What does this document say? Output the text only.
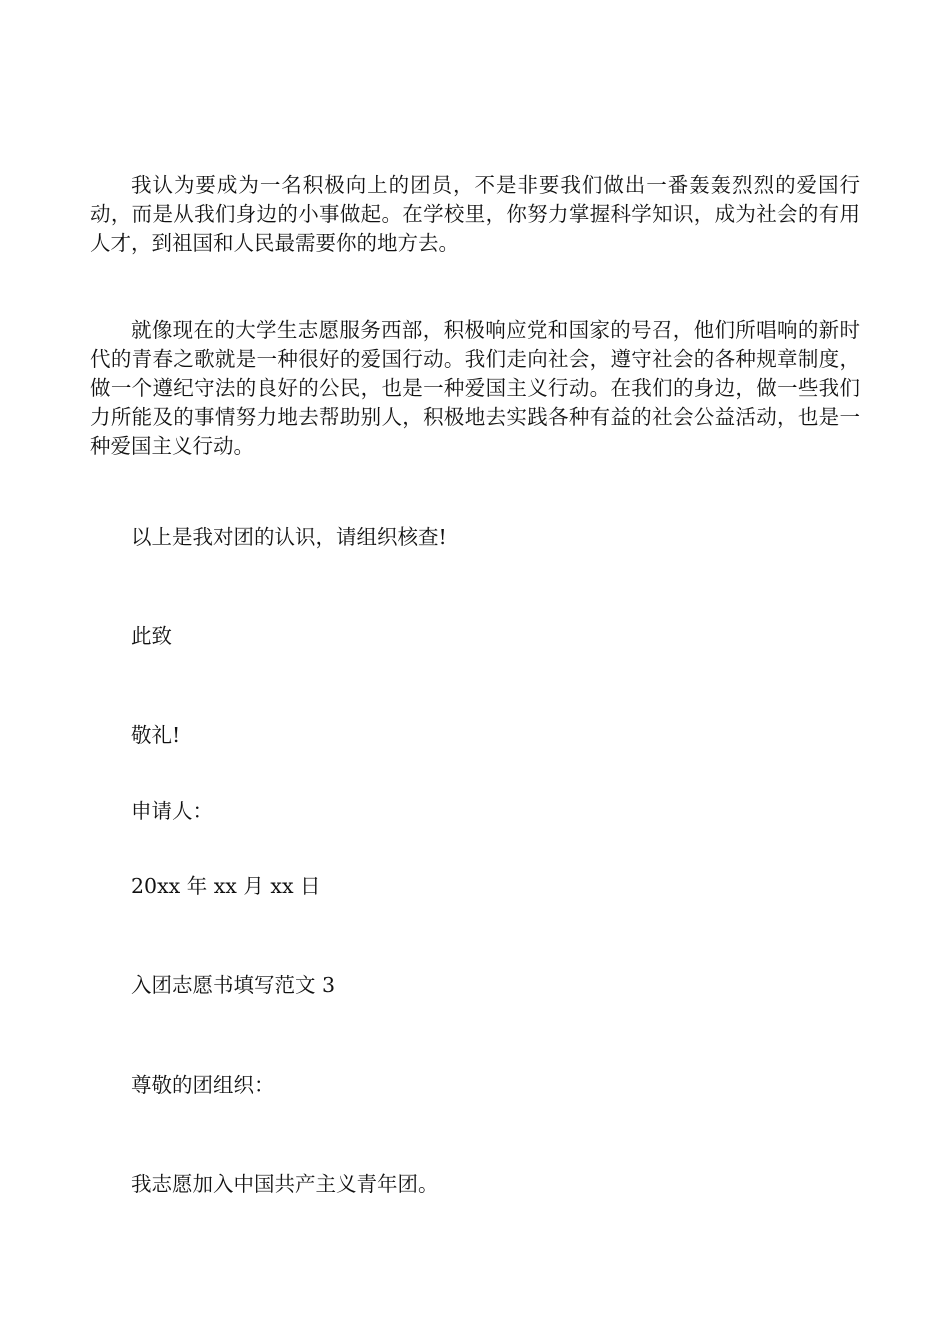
我认为要成为一名积极向上的团员，不是非要我们做出一番轰轰烈烈的爱国行动，而是从我们身边的小事做起。在学校里，你努力掌握科学知识，成为社会的有用人才，到祖国和人民最需要你的地方去。

就像现在的大学生志愿服务西部，积极响应党和国家的号召，他们所唱响的新时代的青春之歌就是一种很好的爱国行动。我们走向社会，遵守社会的各种规章制度，做一个遵纪守法的良好的公民，也是一种爱国主义行动。在我们的身边，做一些我们力所能及的事情努力地去帮助别人，积极地去实践各种有益的社会公益活动，也是一种爱国主义行动。

以上是我对团的认识，请组织核查!

此致

敬礼!

申请人：

20xx 年 xx 月 xx 日

入团志愿书填写范文 3

尊敬的团组织：

我志愿加入中国共产主义青年团。
